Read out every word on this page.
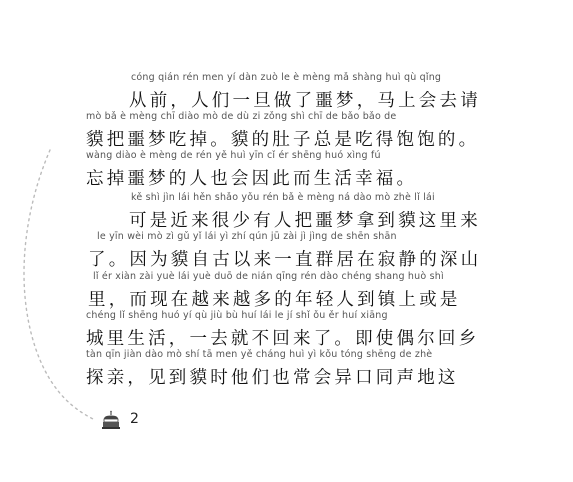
cóng qián rén men yí dàn zuò le è mèng mǎ shàng huì qù qǐng
从前，人们一旦做了噩梦，马上会去请
mò bǎ è mèng chī diào mò de dù zi zǒng shì chī de bǎo bǎo de
貘把噩梦吃掉。貘的肚子总是吃得饱饱的。
wàng diào è mèng de rén yě huì yīn cǐ ér shēng huó xìng fú
忘掉噩梦的人也会因此而生活幸福。
kě shì jìn lái hěn shǎo yǒu rén bǎ è mèng ná dào mò zhè lǐ lái
可是近来很少有人把噩梦拿到貘这里来
le yīn wèi mò zì gǔ yǐ lái yì zhí qún jū zài jì jìng de shēn shān
了。因为貘自古以来一直群居在寂静的深山
lǐ ér xiàn zài yuè lái yuè duō de nián qīng rén dào chéng shang huò shì
里，而现在越来越多的年轻人到镇上或是
chéng lǐ shēng huó yí qù jiù bù huí lái le jí shǐ ǒu ěr huí xiāng
城里生活，一去就不回来了。即使偶尔回乡
tàn qīn jiàn dào mò shí tā men yě cháng huì yì kǒu tóng shēng de zhè
探亲，见到貘时他们也常会异口同声地这
2
